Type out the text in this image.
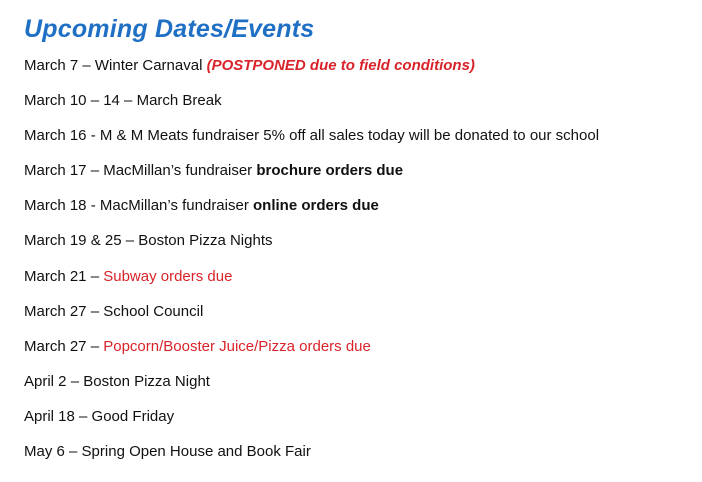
Upcoming Dates/Events
March 7 – Winter Carnaval (POSTPONED due to field conditions)
March 10 – 14 – March Break
March 16 - M & M Meats fundraiser 5% off all sales today will be donated to our school
March 17 – MacMillan’s fundraiser brochure orders due
March 18 - MacMillan’s fundraiser online orders due
March 19 & 25 – Boston Pizza Nights
March 21 – Subway orders due
March 27 – School Council
March 27 – Popcorn/Booster Juice/Pizza orders due
April 2 – Boston Pizza Night
April 18 – Good Friday
May 6 – Spring Open House and Book Fair
